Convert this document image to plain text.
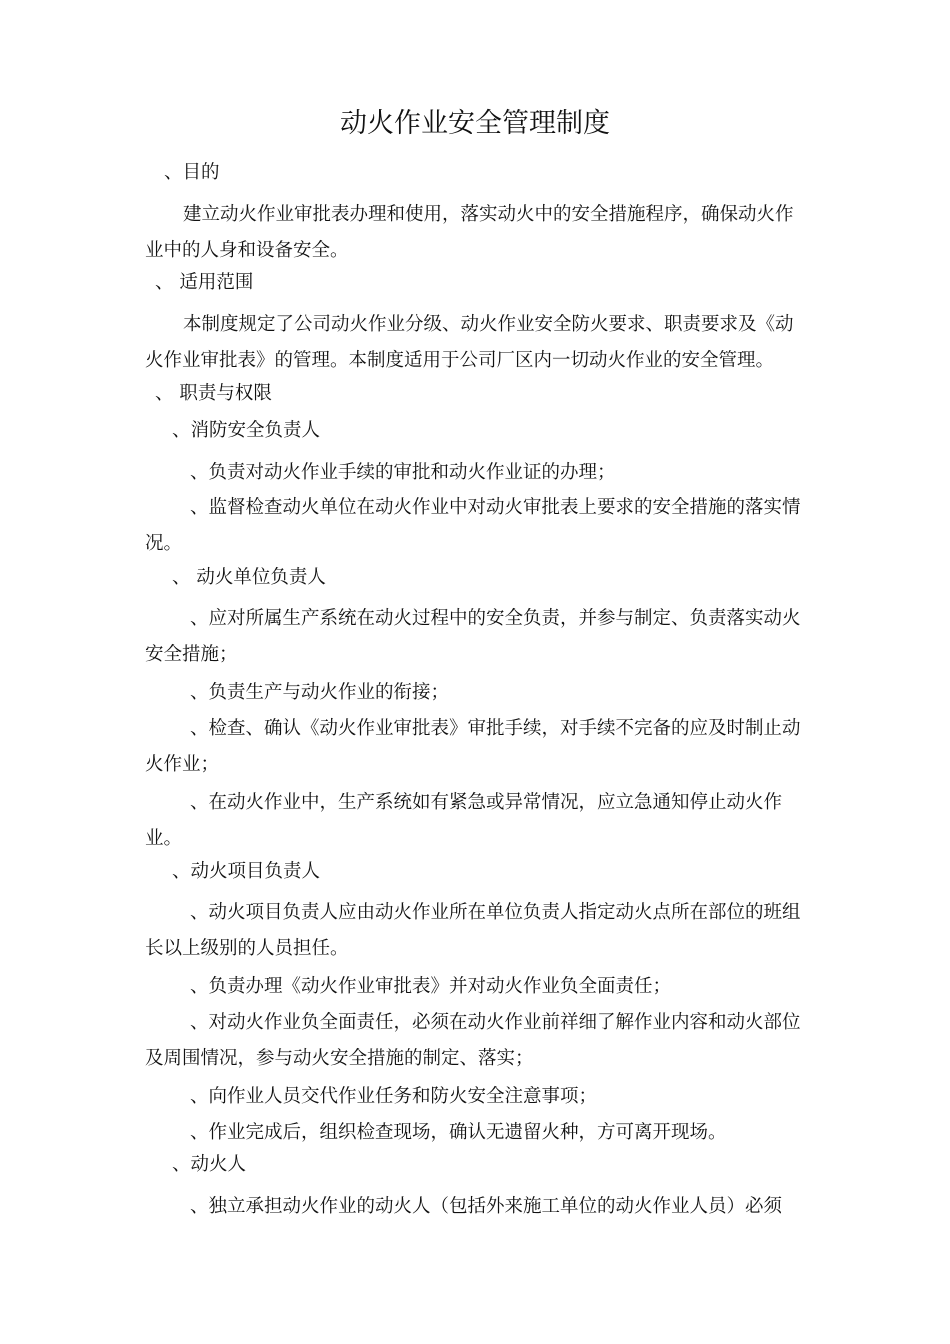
动火作业安全管理制度
、目的
建立动火作业审批表办理和使用，落实动火中的安全措施程序，确保动火作业中的人身和设备安全。
、 适用范围
本制度规定了公司动火作业分级、动火作业安全防火要求、职责要求及《动火作业审批表》的管理。本制度适用于公司厂区内一切动火作业的安全管理。
、 职责与权限
、消防安全负责人
、负责对动火作业手续的审批和动火作业证的办理；
、监督检查动火单位在动火作业中对动火审批表上要求的安全措施的落实情况。
、 动火单位负责人
、应对所属生产系统在动火过程中的安全负责，并参与制定、负责落实动火安全措施；
、负责生产与动火作业的衔接；
、检查、确认《动火作业审批表》审批手续，对手续不完备的应及时制止动火作业；
、在动火作业中，生产系统如有紧急或异常情况，应立急通知停止动火作业。
、动火项目负责人
、动火项目负责人应由动火作业所在单位负责人指定动火点所在部位的班组长以上级别的人员担任。
、负责办理《动火作业审批表》并对动火作业负全面责任；
、对动火作业负全面责任，必须在动火作业前祥细了解作业内容和动火部位及周围情况，参与动火安全措施的制定、落实；
、向作业人员交代作业任务和防火安全注意事项；
、作业完成后，组织检查现场，确认无遗留火种，方可离开现场。
、动火人
、独立承担动火作业的动火人（包括外来施工单位的动火作业人员）必须
